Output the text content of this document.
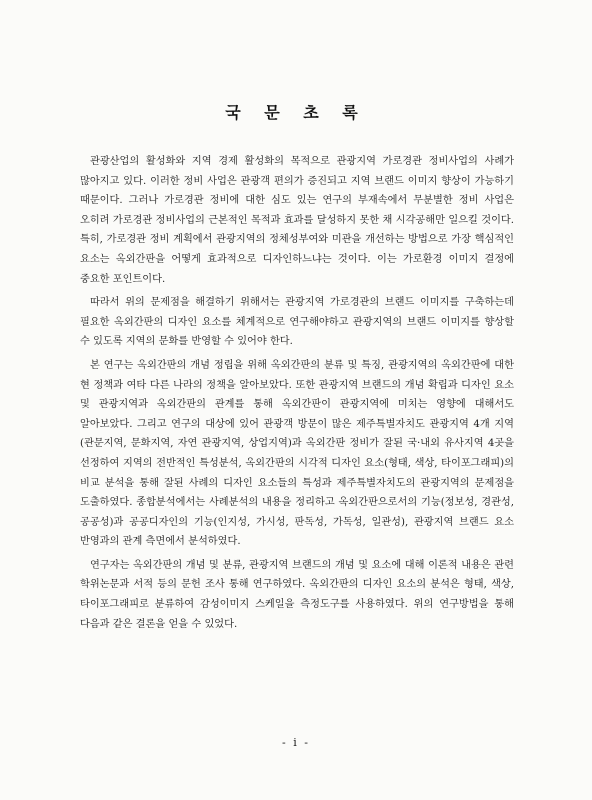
국 문 초 록

관광산업의 활성화와 지역 경제 활성화의 목적으로 관광지역 가로경관 정비사업의 사례가 많아지고 있다. 이러한 정비 사업은 관광객 편의가 증진되고 지역 브랜드 이미지 향상이 가능하기 때문이다. 그러나 가로경관 정비에 대한 심도 있는 연구의 부재속에서 무분별한 정비 사업은 오히려 가로경관 정비사업의 근본적인 목적과 효과를 달성하지 못한 채 시각공해만 일으킬 것이다. 특히, 가로경관 정비 계획에서 관광지역의 정체성부여와 미관을 개선하는 방법으로 가장 핵심적인 요소는 옥외간판을 어떻게 효과적으로 디자인하느냐는 것이다. 이는 가로환경 이미지 결정에 중요한 포인트이다.

따라서 위의 문제점을 해결하기 위해서는 관광지역 가로경관의 브랜드 이미지를 구축하는데 필요한 옥외간판의 디자인 요소를 체계적으로 연구해야하고 관광지역의 브랜드 이미지를 향상할 수 있도록 지역의 문화를 반영할 수 있어야 한다.

본 연구는 옥외간판의 개념 정립을 위해 옥외간판의 분류 및 특징, 관광지역의 옥외간판에 대한 현 정책과 여타 다른 나라의 정책을 알아보았다. 또한 관광지역 브랜드의 개념 확립과 디자인 요소 및 관광지역과 옥외간판의 관계를 통해 옥외간판이 관광지역에 미치는 영향에 대해서도 알아보았다. 그리고 연구의 대상에 있어 관광객 방문이 많은 제주특별자치도 관광지역 4개 지역(관문지역, 문화지역, 자연 관광지역, 상업지역)과 옥외간판 정비가 잘된 국·내외 유사지역 4곳을 선정하여 지역의 전반적인 특성분석, 옥외간판의 시각적 디자인 요소(형태, 색상, 타이포그래피)의 비교 분석을 통해 잘된 사례의 디자인 요소들의 특성과 제주특별자치도의 관광지역의 문제점을 도출하였다. 종합분석에서는 사례분석의 내용을 정리하고 옥외간판으로서의 기능(정보성, 경관성, 공공성)과 공공디자인의 기능(인지성, 가시성, 판독성, 가독성, 일관성), 관광지역 브랜드 요소 반영과의 관계 측면에서 분석하였다.

연구자는 옥외간판의 개념 및 분류, 관광지역 브랜드의 개념 및 요소에 대해 이론적 내용은 관련 학위논문과 서적 등의 문헌 조사 통해 연구하였다. 옥외간판의 디자인 요소의 분석은 형태, 색상, 타이포그래피로 분류하여 감성이미지 스케일을 측정도구를 사용하였다. 위의 연구방법을 통해 다음과 같은 결론을 얻을 수 있었다.

- i -
